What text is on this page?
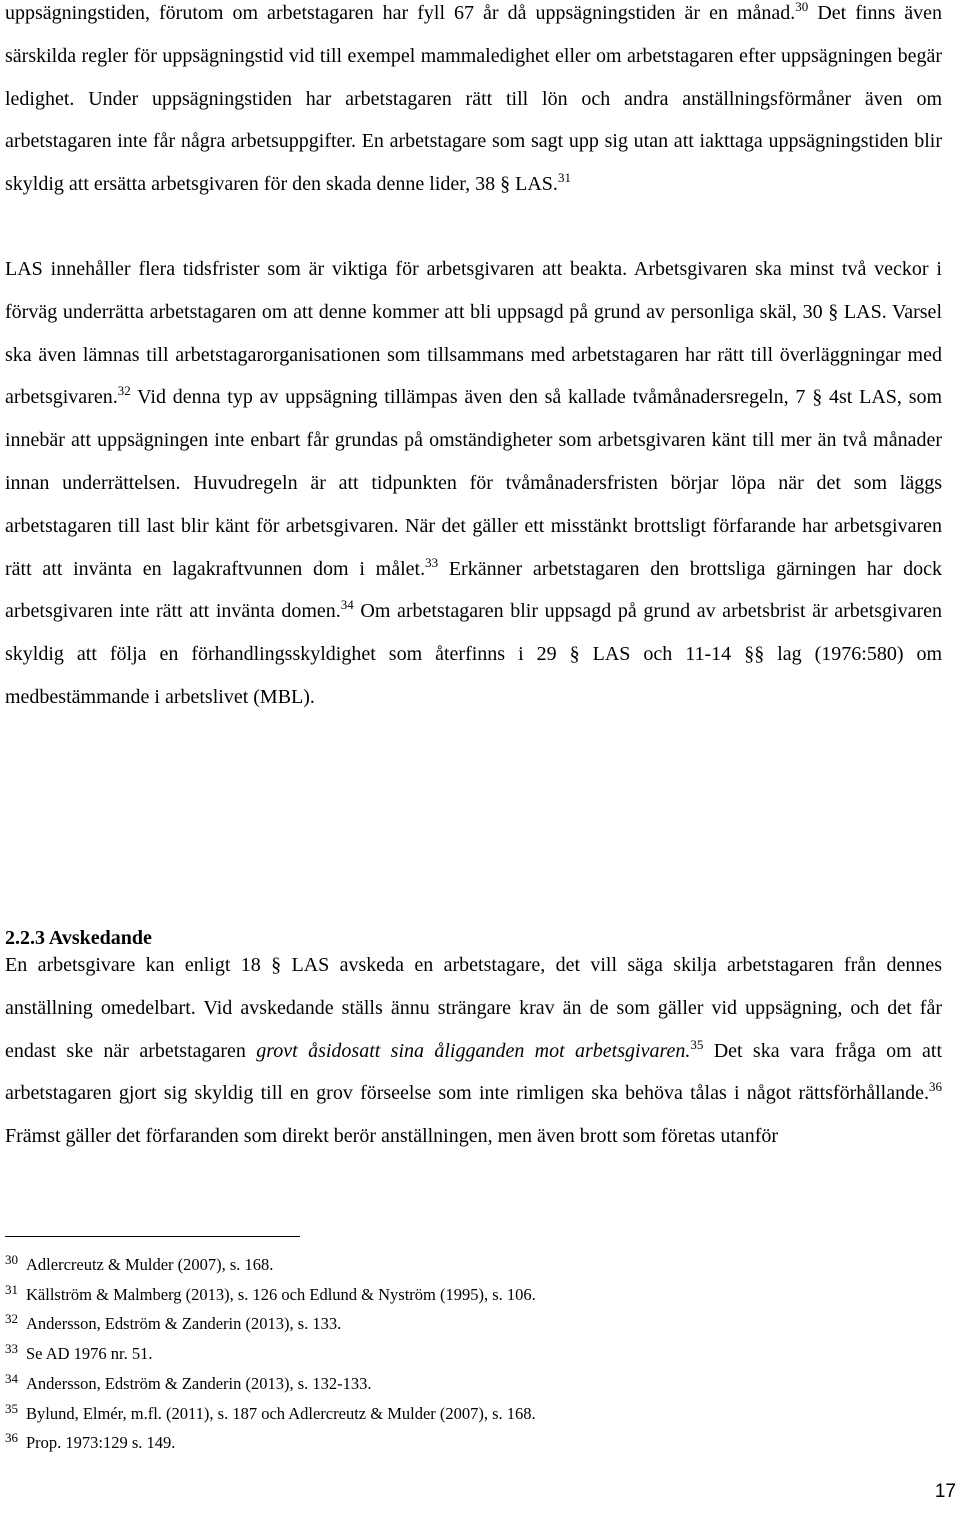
uppsägningstiden, förutom om arbetstagaren har fyll 67 år då uppsägningstiden är en månad.$^{30}$ Det finns även särskilda regler för uppsägningstid vid till exempel mammaledighet eller om arbetstagaren efter uppsägningen begär ledighet. Under uppsägningstiden har arbetstagaren rätt till lön och andra anställningsförmåner även om arbetstagaren inte får några arbetsuppgifter. En arbetstagare som sagt upp sig utan att iakttaga uppsägningstiden blir skyldig att ersätta arbetsgivaren för den skada denne lider, 38 § LAS.$^{31}$

LAS innehåller flera tidsfrister som är viktiga för arbetsgivaren att beakta. Arbetsgivaren ska minst två veckor i förväg underrätta arbetstagaren om att denne kommer att bli uppsagd på grund av personliga skäl, 30 § LAS. Varsel ska även lämnas till arbetstagarorganisationen som tillsammans med arbetstagaren har rätt till överläggningar med arbetsgivaren.$^{32}$ Vid denna typ av uppsägning tillämpas även den så kallade tvåmånadersregeln, 7 § 4st LAS, som innebär att uppsägningen inte enbart får grundas på omständigheter som arbetsgivaren känt till mer än två månader innan underrättelsen. Huvudregeln är att tidpunkten för tvåmånadersfristen börjar löpa när det som läggs arbetstagaren till last blir känt för arbetsgivaren. När det gäller ett misstänkt brottsligt förfarande har arbetsgivaren rätt att invänta en lagakraftvunnen dom i målet.$^{33}$ Erkänner arbetstagaren den brottsliga gärningen har dock arbetsgivaren inte rätt att invänta domen.$^{34}$ Om arbetstagaren blir uppsagd på grund av arbetsbrist är arbetsgivaren skyldig att följa en förhandlingsskyldighet som återfinns i 29 § LAS och 11-14 §§ lag (1976:580) om medbestämmande i arbetslivet (MBL).

2.2.3 Avskedande

En arbetsgivare kan enligt 18 § LAS avskeda en arbetstagare, det vill säga skilja arbetstagaren från dennes anställning omedelbart. Vid avskedande ställs ännu strängare krav än de som gäller vid uppsägning, och det får endast ske när arbetstagaren grovt åsidosatt sina åligganden mot arbetsgivaren.$^{35}$ Det ska vara fråga om att arbetstagaren gjort sig skyldig till en grov förseelse som inte rimligen ska behöva tålas i något rättsförhållande.$^{36}$ Främst gäller det förfaranden som direkt berör anställningen, men även brott som företas utanför

$^{30}$ Adlercreutz & Mulder (2007), s. 168.

$^{31}$ Källström & Malmberg (2013), s. 126 och Edlund & Nyström (1995), s. 106.

$^{32}$ Andersson, Edström & Zanderin (2013), s. 133.

$^{33}$ Se AD 1976 nr. 51.

$^{34}$ Andersson, Edström & Zanderin (2013), s. 132-133.

$^{35}$ Bylund, Elmér, m.fl. (2011), s. 187 och Adlercreutz & Mulder (2007), s. 168.

$^{36}$ Prop. 1973:129 s. 149.

17
